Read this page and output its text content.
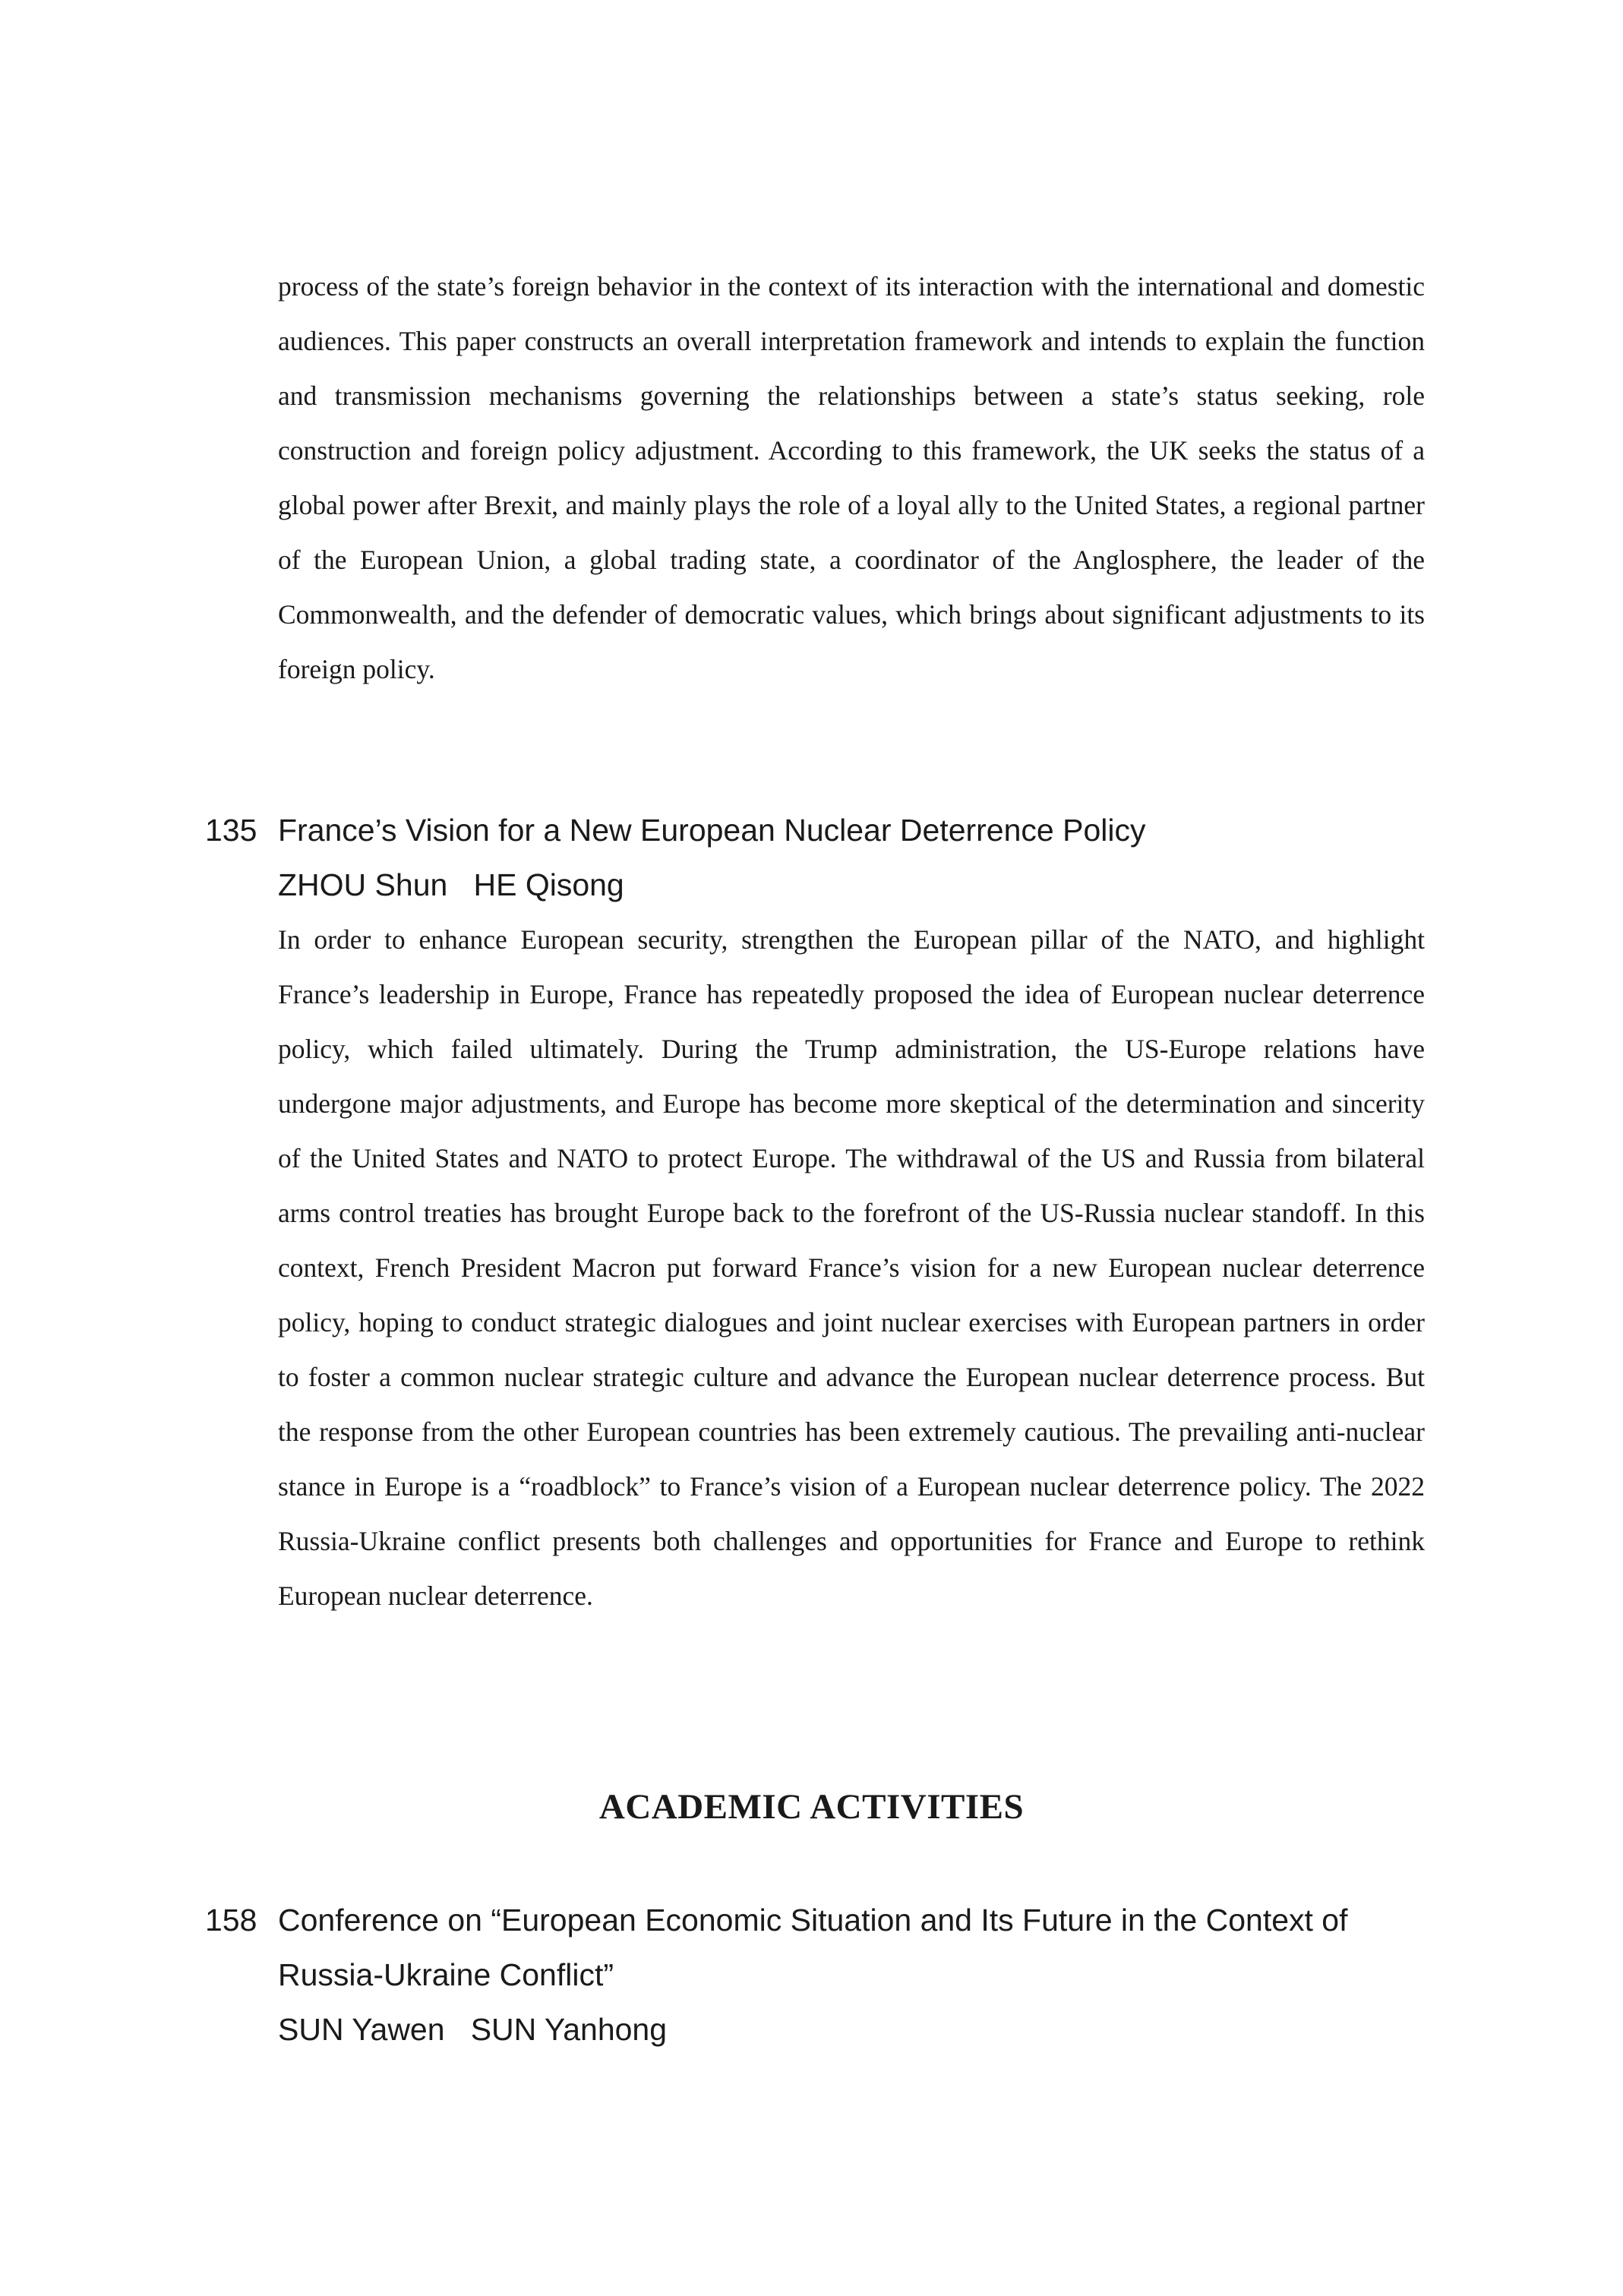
process of the state’s foreign behavior in the context of its interaction with the international and domestic audiences. This paper constructs an overall interpretation framework and intends to explain the function and transmission mechanisms governing the relationships between a state’s status seeking, role construction and foreign policy adjustment. According to this framework, the UK seeks the status of a global power after Brexit, and mainly plays the role of a loyal ally to the United States, a regional partner of the European Union, a global trading state, a coordinator of the Anglosphere, the leader of the Commonwealth, and the defender of democratic values, which brings about significant adjustments to its foreign policy.

135 France’s Vision for a New European Nuclear Deterrence Policy
ZHOU Shun   HE Qisong

In order to enhance European security, strengthen the European pillar of the NATO, and highlight France’s leadership in Europe, France has repeatedly proposed the idea of European nuclear deterrence policy, which failed ultimately. During the Trump administration, the US-Europe relations have undergone major adjustments, and Europe has become more skeptical of the determination and sincerity of the United States and NATO to protect Europe. The withdrawal of the US and Russia from bilateral arms control treaties has brought Europe back to the forefront of the US-Russia nuclear standoff. In this context, French President Macron put forward France’s vision for a new European nuclear deterrence policy, hoping to conduct strategic dialogues and joint nuclear exercises with European partners in order to foster a common nuclear strategic culture and advance the European nuclear deterrence process. But the response from the other European countries has been extremely cautious. The prevailing anti-nuclear stance in Europe is a “roadblock” to France’s vision of a European nuclear deterrence policy. The 2022 Russia-Ukraine conflict presents both challenges and opportunities for France and Europe to rethink European nuclear deterrence.

ACADEMIC ACTIVITIES
158 Conference on “European Economic Situation and Its Future in the Context of Russia-Ukraine Conflict”
SUN Yawen   SUN Yanhong
